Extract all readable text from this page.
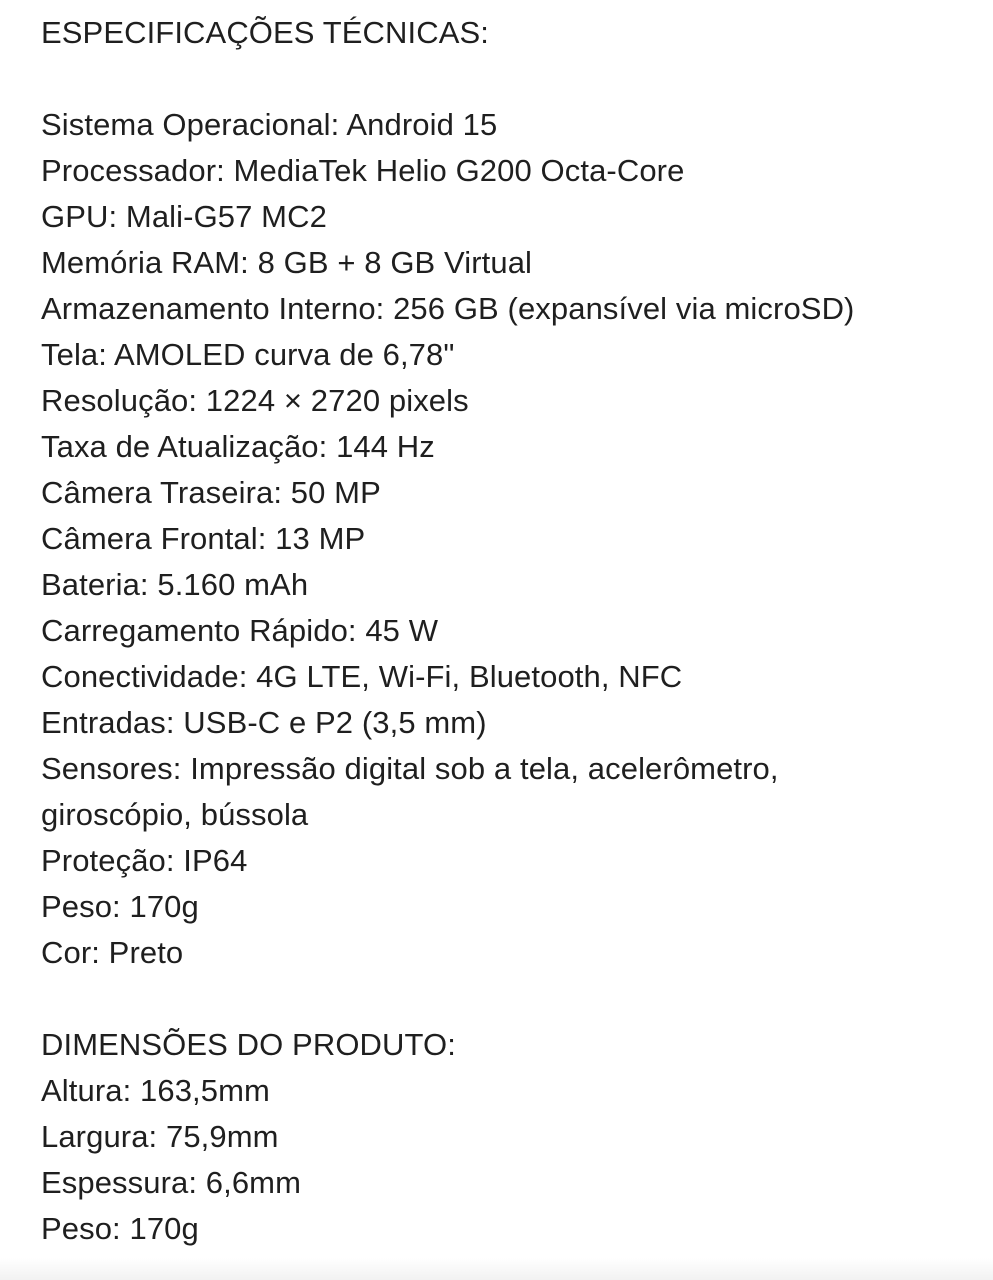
ESPECIFICAÇÕES TÉCNICAS:
Sistema Operacional: Android 15
Processador: MediaTek Helio G200 Octa-Core
GPU: Mali-G57 MC2
Memória RAM: 8 GB + 8 GB Virtual
Armazenamento Interno: 256 GB (expansível via microSD)
Tela: AMOLED curva de 6,78"
Resolução: 1224 × 2720 pixels
Taxa de Atualização: 144 Hz
Câmera Traseira: 50 MP
Câmera Frontal: 13 MP
Bateria: 5.160 mAh
Carregamento Rápido: 45 W
Conectividade: 4G LTE, Wi-Fi, Bluetooth, NFC
Entradas: USB-C e P2 (3,5 mm)
Sensores: Impressão digital sob a tela, acelerômetro,
giroscópio, bússola
Proteção: IP64
Peso: 170g
Cor: Preto
DIMENSÕES DO PRODUTO:
Altura: 163,5mm
Largura: 75,9mm
Espessura: 6,6mm
Peso: 170g
